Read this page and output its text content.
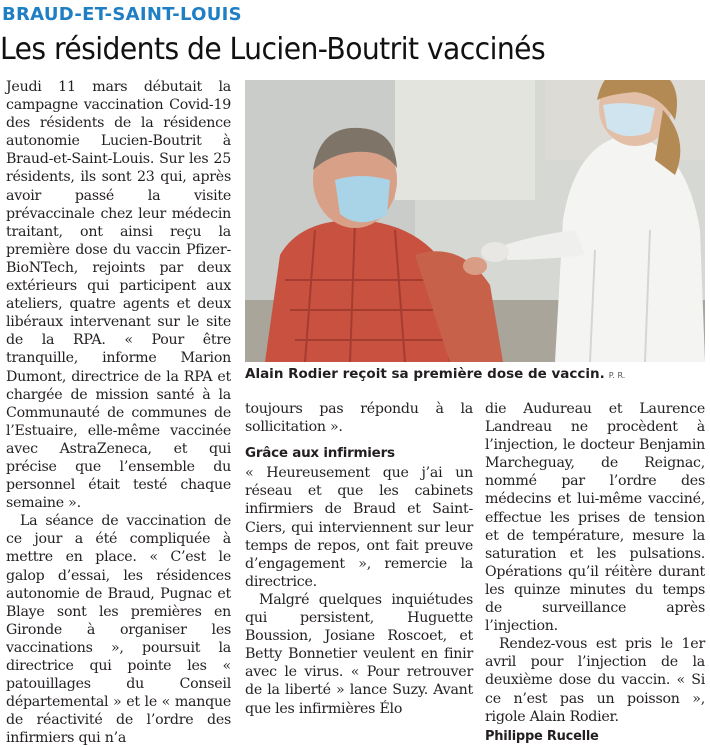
BRAUD-ET-SAINT-LOUIS
Les résidents de Lucien-Boutrit vaccinés

Jeudi 11 mars débutait la campagne vaccination Covid-19 des résidents de la résidence autonomie Lucien-Boutrit à Braud-et-Saint-Louis. Sur les 25 résidents, ils sont 23 qui, après avoir passé la visite prévaccinale chez leur médecin traitant, ont ainsi reçu la première dose du vaccin Pfizer-BioNTech, rejoints par deux extérieurs qui participent aux ateliers, quatre agents et deux libéraux intervenant sur le site de la RPA. « Pour être tranquille, informe Marion Dumont, directrice de la RPA et chargée de mission santé à la Communauté de communes de l’Estuaire, elle-même vaccinée avec AstraZeneca, et qui précise que l’ensemble du personnel était testé chaque semaine ».

La séance de vaccination de ce jour a été compliquée à mettre en place. « C’est le galop d’essai, les résidences autonomie de Braud, Pugnac et Blaye sont les premières en Gironde à organiser les vaccinations », poursuit la directrice qui pointe les « patouillages du Conseil départemental » et le « manque de réactivité de l’ordre des infirmiers qui n’a

Alain Rodier reçoit sa première dose de vaccin. P. R.

toujours pas répondu à la sollicitation ».

Grâce aux infirmiers

« Heureusement que j’ai un réseau et que les cabinets infirmiers de Braud et Saint-Ciers, qui interviennent sur leur temps de repos, ont fait preuve d’engagement », remercie la directrice.

Malgré quelques inquiétudes qui persistent, Huguette Boussion, Josiane Roscoet, et Betty Bonnetier veulent en finir avec le virus. « Pour retrouver de la liberté » lance Suzy. Avant que les infirmières Élo

die Audureau et Laurence Landreau ne procèdent à l’injection, le docteur Benjamin Marcheguay, de Reignac, nommé par l’ordre des médecins et lui-même vacciné, effectue les prises de tension et de température, mesure la saturation et les pulsations. Opérations qu’il réitère durant les quinze minutes du temps de surveillance après l’injection.

Rendez-vous est pris le 1er avril pour l’injection de la deuxième dose du vaccin. « Si ce n’est pas un poisson », rigole Alain Rodier.

Philippe Rucelle
